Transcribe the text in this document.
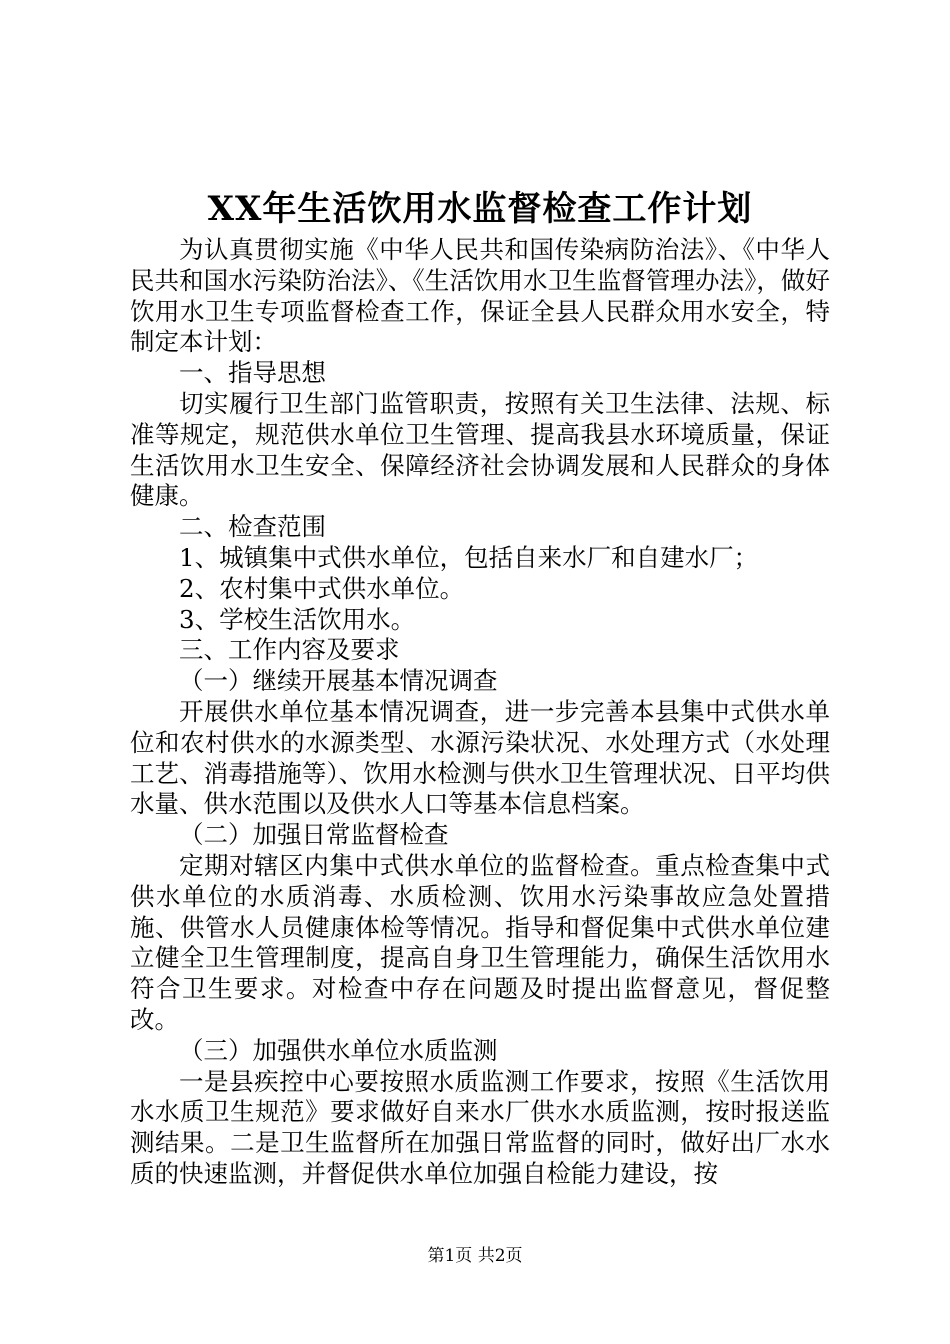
XX年生活饮用水监督检查工作计划

为认真贯彻实施《中华人民共和国传染病防治法》、《中华人民共和国水污染防治法》、《生活饮用水卫生监督管理办法》，做好饮用水卫生专项监督检查工作，保证全县人民群众用水安全，特制定本计划：

一、指导思想

切实履行卫生部门监管职责，按照有关卫生法律、法规、标准等规定，规范供水单位卫生管理、提高我县水环境质量，保证生活饮用水卫生安全、保障经济社会协调发展和人民群众的身体健康。

二、检查范围

1、城镇集中式供水单位，包括自来水厂和自建水厂；

2、农村集中式供水单位。

3、学校生活饮用水。

三、工作内容及要求

（一）继续开展基本情况调查

开展供水单位基本情况调查，进一步完善本县集中式供水单位和农村供水的水源类型、水源污染状况、水处理方式（水处理工艺、消毒措施等）、饮用水检测与供水卫生管理状况、日平均供水量、供水范围以及供水人口等基本信息档案。

（二）加强日常监督检查

定期对辖区内集中式供水单位的监督检查。重点检查集中式供水单位的水质消毒、水质检测、饮用水污染事故应急处置措施、供管水人员健康体检等情况。指导和督促集中式供水单位建立健全卫生管理制度，提高自身卫生管理能力，确保生活饮用水符合卫生要求。对检查中存在问题及时提出监督意见，督促整改。

（三）加强供水单位水质监测

一是县疾控中心要按照水质监测工作要求，按照《生活饮用水水质卫生规范》要求做好自来水厂供水水质监测，按时报送监测结果。二是卫生监督所在加强日常监督的同时，做好出厂水水质的快速监测，并督促供水单位加强自检能力建设，按

第1页 共2页
